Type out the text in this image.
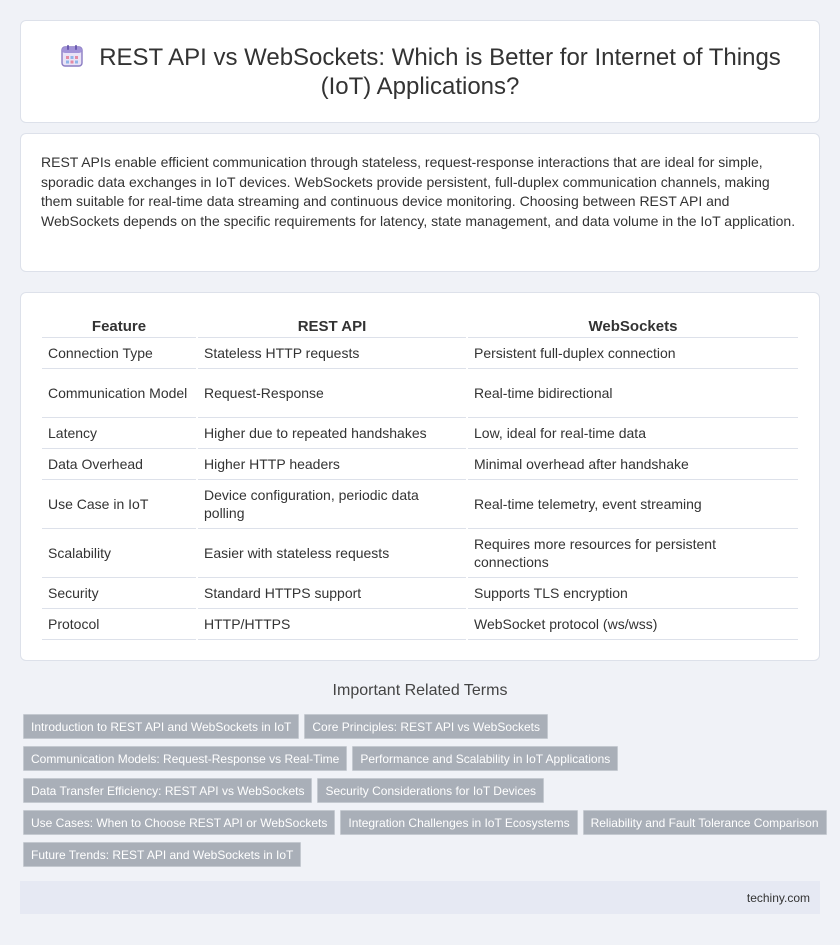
REST API vs WebSockets: Which is Better for Internet of Things (IoT) Applications?

REST APIs enable efficient communication through stateless, request-response interactions that are ideal for simple, sporadic data exchanges in IoT devices. WebSockets provide persistent, full-duplex communication channels, making them suitable for real-time data streaming and continuous device monitoring. Choosing between REST API and WebSockets depends on the specific requirements for latency, state management, and data volume in the IoT application.

Feature	REST API	WebSockets
Connection Type	Stateless HTTP requests	Persistent full-duplex connection
Communication Model	Request-Response	Real-time bidirectional
Latency	Higher due to repeated handshakes	Low, ideal for real-time data
Data Overhead	Higher HTTP headers	Minimal overhead after handshake
Use Case in IoT	Device configuration, periodic data polling	Real-time telemetry, event streaming
Scalability	Easier with stateless requests	Requires more resources for persistent connections
Security	Standard HTTPS support	Supports TLS encryption
Protocol	HTTP/HTTPS	WebSocket protocol (ws/wss)
Important Related Terms
Introduction to REST API and WebSockets in IoT Core Principles: REST API vs WebSockets
Communication Models: Request-Response vs Real-Time Performance and Scalability in IoT Applications
Data Transfer Efficiency: REST API vs WebSockets Security Considerations for IoT Devices
Use Cases: When to Choose REST API or WebSockets Integration Challenges in IoT Ecosystems Reliability and Fault Tolerance Comparison
Future Trends: REST API and WebSockets in IoT
techiny.com
